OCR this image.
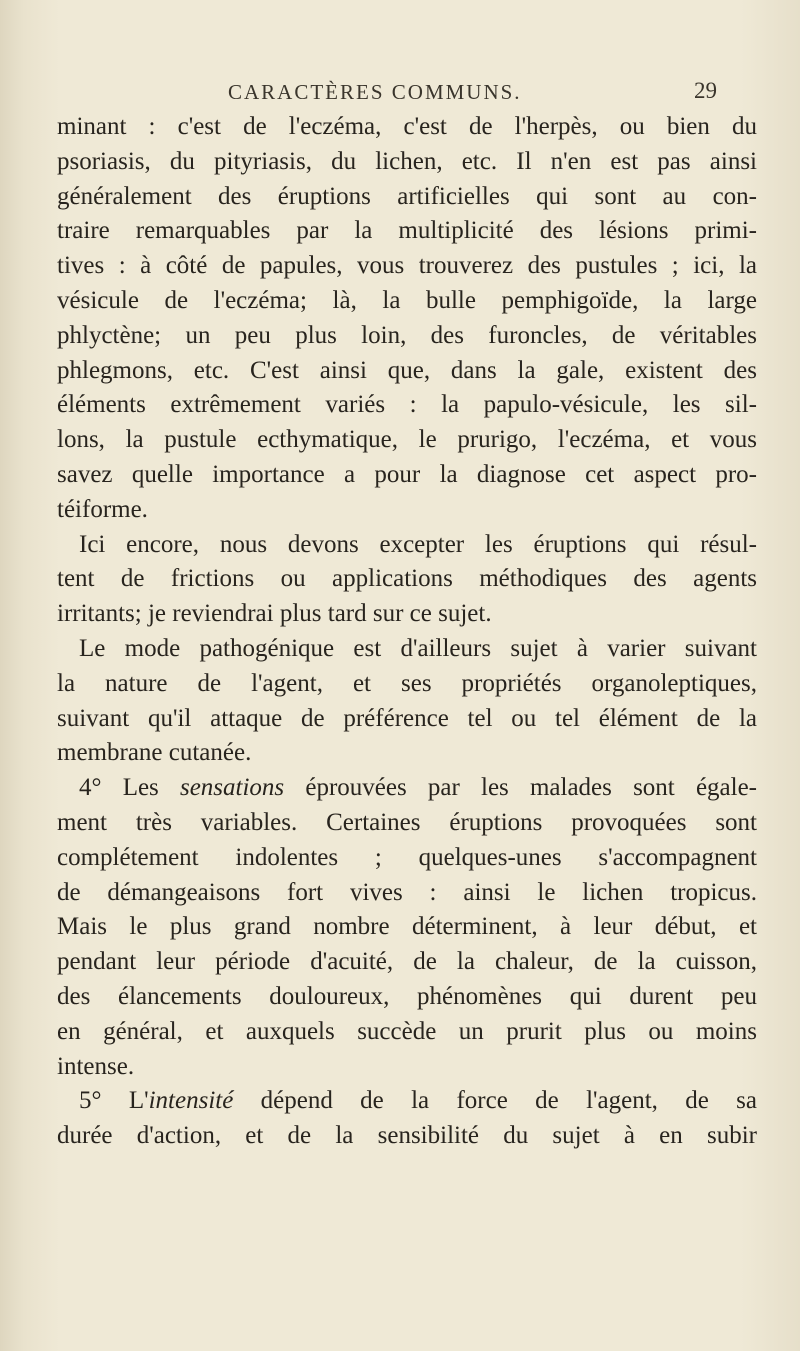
CARACTÈRES COMMUNS.	29
minant : c'est de l'eczéma, c'est de l'herpès, ou bien du
psoriasis, du pityriasis, du lichen, etc. Il n'en est pas ainsi
généralement des éruptions artificielles qui sont au con-
traire remarquables par la multiplicité des lésions primi-
tives : à côté de papules, vous trouverez des pustules ; ici, la
vésicule de l'eczéma; là, la bulle pemphigoïde, la large
phlyctène; un peu plus loin, des furoncles, de véritables
phlegmons, etc. C'est ainsi que, dans la gale, existent des
éléments extrêmement variés : la papulo-vésicule, les sil-
lons, la pustule ecthymatique, le prurigo, l'eczéma, et vous
savez quelle importance a pour la diagnose cet aspect pro-
téiforme.
Ici encore, nous devons excepter les éruptions qui résul-
tent de frictions ou applications méthodiques des agents
irritants; je reviendrai plus tard sur ce sujet.
Le mode pathogénique est d'ailleurs sujet à varier suivant
la nature de l'agent, et ses propriétés organoleptiques,
suivant qu'il attaque de préférence tel ou tel élément de la
membrane cutanée.
4° Les sensations éprouvées par les malades sont égale-
ment très variables. Certaines éruptions provoquées sont
complétement indolentes ; quelques-unes s'accompagnent
de démangeaisons fort vives : ainsi le lichen tropicus.
Mais le plus grand nombre déterminent, à leur début, et
pendant leur période d'acuité, de la chaleur, de la cuisson,
des élancements douloureux, phénomènes qui durent peu
en général, et auxquels succède un prurit plus ou moins
intense.
5° L'intensité dépend de la force de l'agent, de sa
durée d'action, et de la sensibilité du sujet à en subir
